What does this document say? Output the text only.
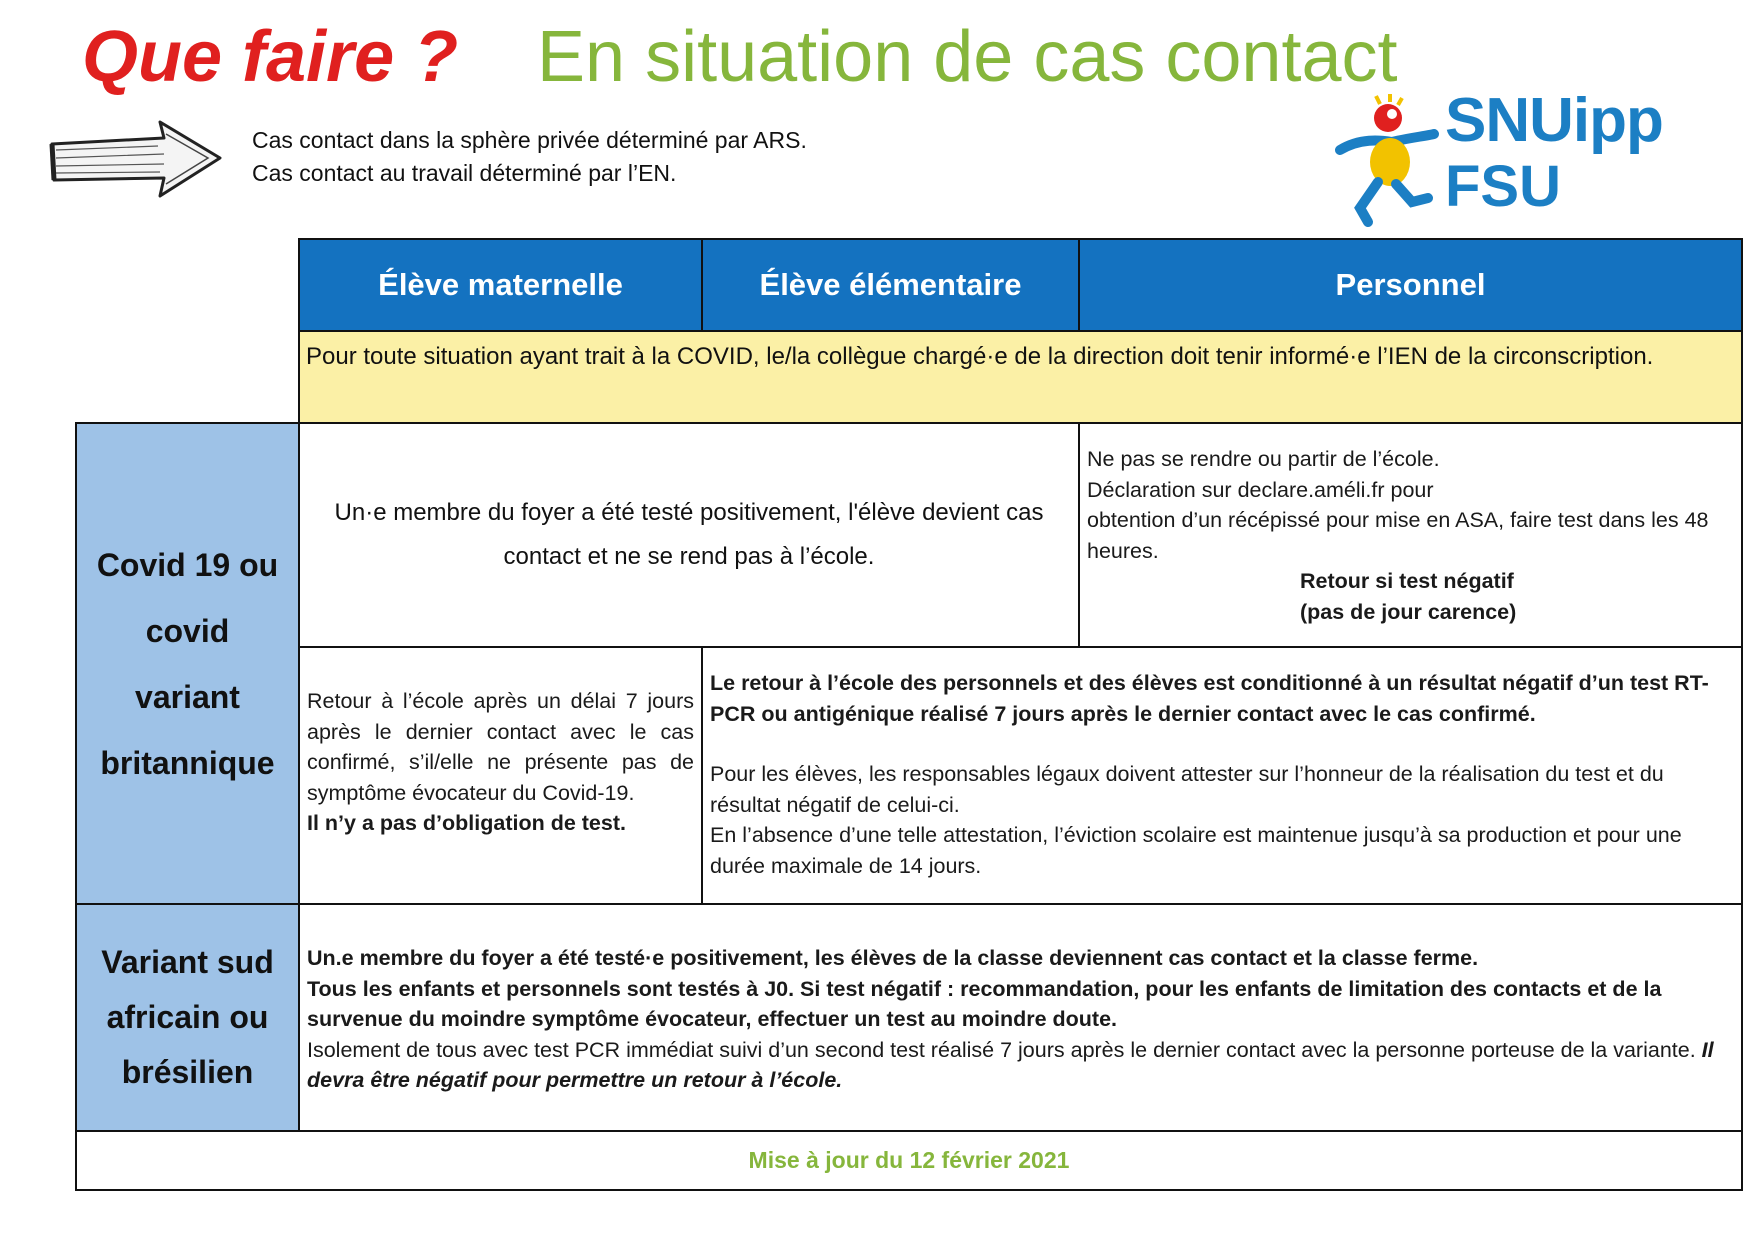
Que faire ? En situation de cas contact
Cas contact dans la sphère privée déterminé par ARS.
Cas contact au travail déterminé par l’EN.
SNUipp
FSU
Élève maternelle	Élève élémentaire	Personnel
Pour toute situation ayant trait à la COVID, le/la collègue chargé·e de la direction doit tenir informé·e l’IEN de la circonscription.
Covid 19 ou
covid
variant
britannique
Un·e membre du foyer a été testé positivement, l'élève devient cas contact et ne se rend pas à l’école.
Ne pas se rendre ou partir de l’école.
Déclaration sur declare.améli.fr pour
obtention d’un récépissé pour mise en ASA, faire test dans les 48 heures.
Retour si test négatif
(pas de jour carence)
Retour à l’école après un délai 7 jours après le dernier contact avec le cas confirmé, s’il/elle ne présente pas de symptôme évocateur du Covid-19.
Il n’y a pas d’obligation de test.
Le retour à l’école des personnels et des élèves est conditionné à un résultat négatif d’un test RT-PCR ou antigénique réalisé 7 jours après le dernier contact avec le cas confirmé.
Pour les élèves, les responsables légaux doivent attester sur l’honneur de la réalisation du test et du résultat négatif de celui-ci.
En l’absence d’une telle attestation, l’éviction scolaire est maintenue jusqu’à sa production et pour une durée maximale de 14 jours.
Variant sud
africain ou
brésilien
Un.e membre du foyer a été testé·e positivement, les élèves de la classe deviennent cas contact et la classe ferme.
Tous les enfants et personnels sont testés à J0. Si test négatif : recommandation, pour les enfants de limitation des contacts et de la survenue du moindre symptôme évocateur, effectuer un test au moindre doute.
Isolement de tous avec test PCR immédiat suivi d’un second test réalisé 7 jours après le dernier contact avec la personne porteuse de la variante. Il devra être négatif pour permettre un retour à l’école.
Mise à jour du 12 février 2021
